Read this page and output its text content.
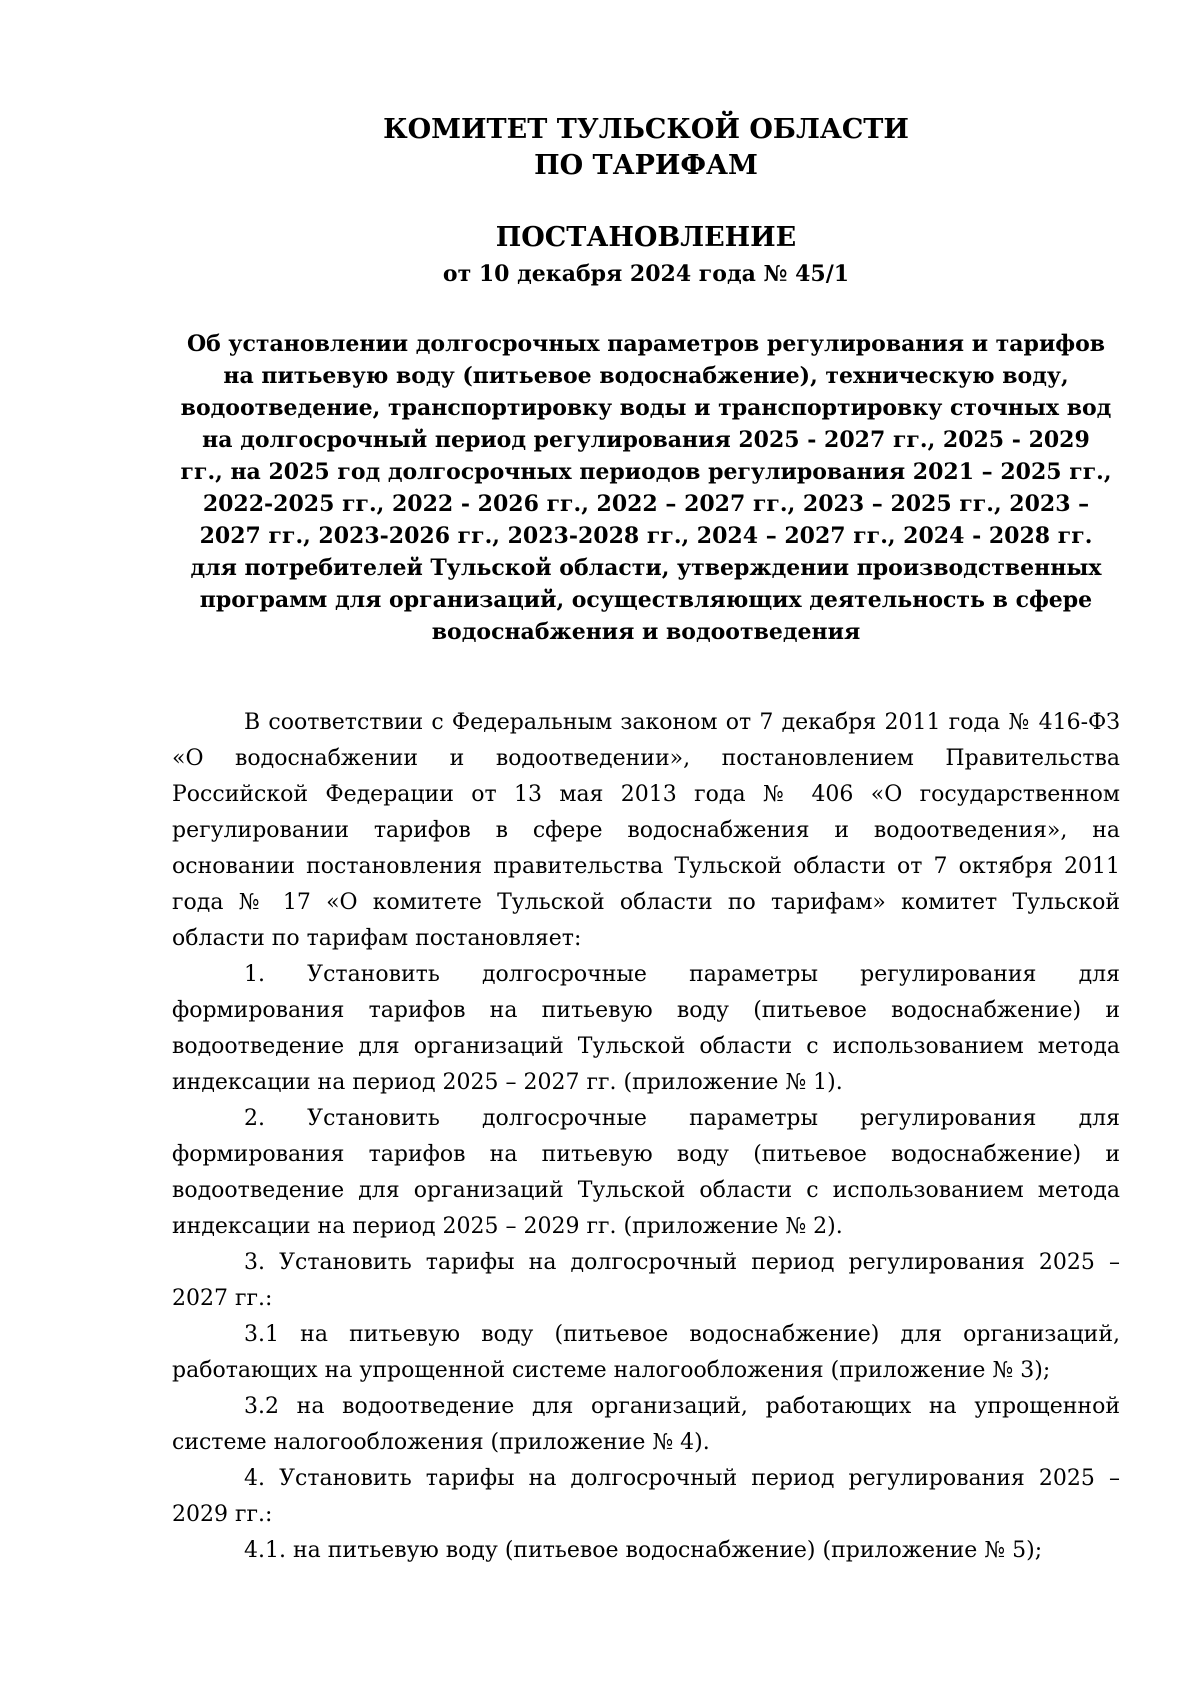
КОМИТЕТ ТУЛЬСКОЙ ОБЛАСТИ
ПО ТАРИФАМ
ПОСТАНОВЛЕНИЕ
от 10 декабря 2024 года № 45/1
Об установлении долгосрочных параметров регулирования и тарифов на питьевую воду (питьевое водоснабжение), техническую воду, водоотведение, транспортировку воды и транспортировку сточных вод на долгосрочный период регулирования 2025 - 2027 гг., 2025 - 2029 гг., на 2025 год долгосрочных периодов регулирования 2021 – 2025 гг., 2022-2025 гг., 2022 - 2026 гг., 2022 – 2027 гг., 2023 – 2025 гг., 2023 – 2027 гг., 2023-2026 гг., 2023-2028 гг., 2024 – 2027 гг., 2024 - 2028 гг. для потребителей Тульской области, утверждении производственных программ для организаций, осуществляющих деятельность в сфере водоснабжения и водоотведения

В соответствии с Федеральным законом от 7 декабря 2011 года № 416-ФЗ «О водоснабжении и водоотведении», постановлением Правительства Российской Федерации от 13 мая 2013 года № 406 «О государственном регулировании тарифов в сфере водоснабжения и водоотведения», на основании постановления правительства Тульской области от 7 октября 2011 года № 17 «О комитете Тульской области по тарифам» комитет Тульской области по тарифам постановляет:

1. Установить долгосрочные параметры регулирования для формирования тарифов на питьевую воду (питьевое водоснабжение) и водоотведение для организаций Тульской области с использованием метода индексации на период 2025 – 2027 гг. (приложение № 1).

2. Установить долгосрочные параметры регулирования для формирования тарифов на питьевую воду (питьевое водоснабжение) и водоотведение для организаций Тульской области с использованием метода индексации на период 2025 – 2029 гг. (приложение № 2).

3. Установить тарифы на долгосрочный период регулирования 2025 – 2027 гг.:

3.1 на питьевую воду (питьевое водоснабжение) для организаций, работающих на упрощенной системе налогообложения (приложение № 3);

3.2 на водоотведение для организаций, работающих на упрощенной системе налогообложения (приложение № 4).

4. Установить тарифы на долгосрочный период регулирования 2025 – 2029 гг.:

4.1. на питьевую воду (питьевое водоснабжение) (приложение № 5);
